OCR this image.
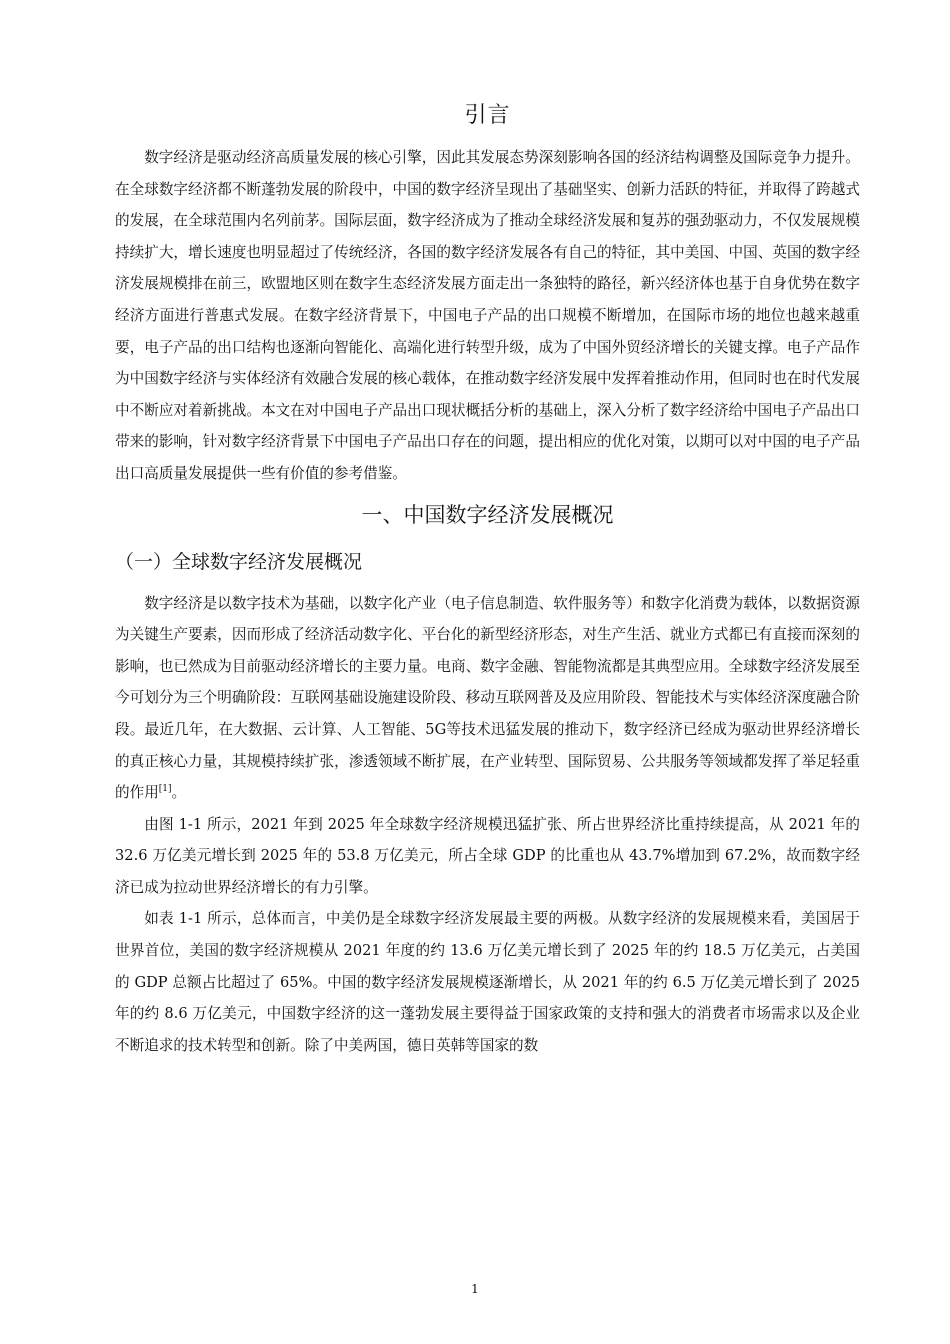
引言

数字经济是驱动经济高质量发展的核心引擎，因此其发展态势深刻影响各国的经济结构调整及国际竞争力提升。在全球数字经济都不断蓬勃发展的阶段中，中国的数字经济呈现出了基础坚实、创新力活跃的特征，并取得了跨越式的发展，在全球范围内名列前茅。国际层面，数字经济成为了推动全球经济发展和复苏的强劲驱动力，不仅发展规模持续扩大，增长速度也明显超过了传统经济，各国的数字经济发展各有自己的特征，其中美国、中国、英国的数字经济发展规模排在前三，欧盟地区则在数字生态经济发展方面走出一条独特的路径，新兴经济体也基于自身优势在数字经济方面进行普惠式发展。在数字经济背景下，中国电子产品的出口规模不断增加，在国际市场的地位也越来越重要，电子产品的出口结构也逐渐向智能化、高端化进行转型升级，成为了中国外贸经济增长的关键支撑。电子产品作为中国数字经济与实体经济有效融合发展的核心载体，在推动数字经济发展中发挥着推动作用，但同时也在时代发展中不断应对着新挑战。本文在对中国电子产品出口现状概括分析的基础上，深入分析了数字经济给中国电子产品出口带来的影响，针对数字经济背景下中国电子产品出口存在的问题，提出相应的优化对策，以期可以对中国的电子产品出口高质量发展提供一些有价值的参考借鉴。

一、中国数字经济发展概况
（一）全球数字经济发展概况

数字经济是以数字技术为基础，以数字化产业（电子信息制造、软件服务等）和数字化消费为载体，以数据资源为关键生产要素，因而形成了经济活动数字化、平台化的新型经济形态，对生产生活、就业方式都已有直接而深刻的影响，也已然成为目前驱动经济增长的主要力量。电商、数字金融、智能物流都是其典型应用。全球数字经济发展至今可划分为三个明确阶段：互联网基础设施建设阶段、移动互联网普及及应用阶段、智能技术与实体经济深度融合阶段。最近几年，在大数据、云计算、人工智能、5G等技术迅猛发展的推动下，数字经济已经成为驱动世界经济增长的真正核心力量，其规模持续扩张，渗透领域不断扩展，在产业转型、国际贸易、公共服务等领域都发挥了举足轻重的作用[1]。

由图 1-1 所示，2021 年到 2025 年全球数字经济规模迅猛扩张、所占世界经济比重持续提高，从 2021 年的 32.6 万亿美元增长到 2025 年的 53.8 万亿美元，所占全球 GDP 的比重也从 43.7%增加到 67.2%，故而数字经济已成为拉动世界经济增长的有力引擎。

如表 1-1 所示，总体而言，中美仍是全球数字经济发展最主要的两极。从数字经济的发展规模来看，美国居于世界首位，美国的数字经济规模从 2021 年度的约 13.6 万亿美元增长到了 2025 年的约 18.5 万亿美元，占美国的 GDP 总额占比超过了 65%。中国的数字经济发展规模逐渐增长，从 2021 年的约 6.5 万亿美元增长到了 2025 年的约 8.6 万亿美元，中国数字经济的这一蓬勃发展主要得益于国家政策的支持和强大的消费者市场需求以及企业不断追求的技术转型和创新。除了中美两国，德日英韩等国家的数

1
